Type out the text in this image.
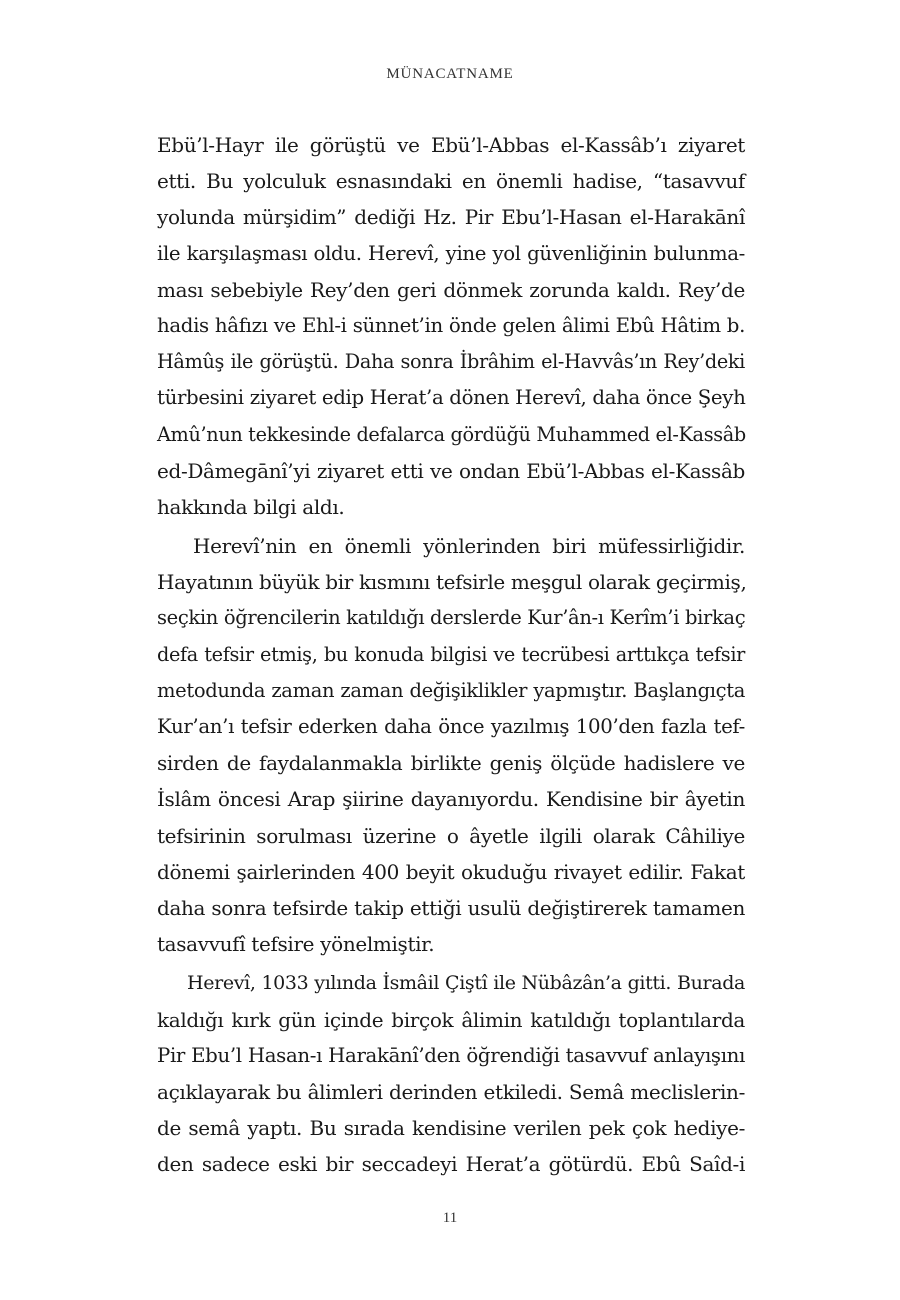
MÜNACATNAME
Ebü’l-Hayr ile görüştü ve Ebü’l-Abbas el-Kassâb’ı ziyaret
etti. Bu yolculuk esnasındaki en önemli hadise, “tasavvuf
yolunda mürşidim” dediği Hz. Pir Ebu’l-Hasan el-Harakānî
ile karşılaşması oldu. Herevî, yine yol güvenliğinin bulunma-
ması sebebiyle Rey’den geri dönmek zorunda kaldı. Rey’de
hadis hâfızı ve Ehl-i sünnet’in önde gelen âlimi Ebû Hâtim b.
Hâmûş ile görüştü. Daha sonra İbrâhim el-Havvâs’ın Rey’deki
türbesini ziyaret edip Herat’a dönen Herevî, daha önce Şeyh
Amû’nun tekkesinde defalarca gördüğü Muhammed el-Kassâb
ed-Dâmegānî’yi ziyaret etti ve ondan Ebü’l-Abbas el-Kassâb
hakkında bilgi aldı.
Herevî’nin en önemli yönlerinden biri müfessirliğidir.
Hayatının büyük bir kısmını tefsirle meşgul olarak geçirmiş,
seçkin öğrencilerin katıldığı derslerde Kur’ân-ı Kerîm’i birkaç
defa tefsir etmiş, bu konuda bilgisi ve tecrübesi arttıkça tefsir
metodunda zaman zaman değişiklikler yapmıştır. Başlangıçta
Kur’an’ı tefsir ederken daha önce yazılmış 100’den fazla tef-
sirden de faydalanmakla birlikte geniş ölçüde hadislere ve
İslâm öncesi Arap şiirine dayanıyordu. Kendisine bir âyetin
tefsirinin sorulması üzerine o âyetle ilgili olarak Câhiliye
dönemi şairlerinden 400 beyit okuduğu rivayet edilir. Fakat
daha sonra tefsirde takip ettiği usulü değiştirerek tamamen
tasavvufî tefsire yönelmiştir.
Herevî, 1033 yılında İsmâil Çiştî ile Nübâzân’a gitti. Burada
kaldığı kırk gün içinde birçok âlimin katıldığı toplantılarda
Pir Ebu’l Hasan-ı Harakānî’den öğrendiği tasavvuf anlayışını
açıklayarak bu âlimleri derinden etkiledi. Semâ meclislerin-
de semâ yaptı. Bu sırada kendisine verilen pek çok hediye-
den sadece eski bir seccadeyi Herat’a götürdü. Ebû Saîd-i
11
